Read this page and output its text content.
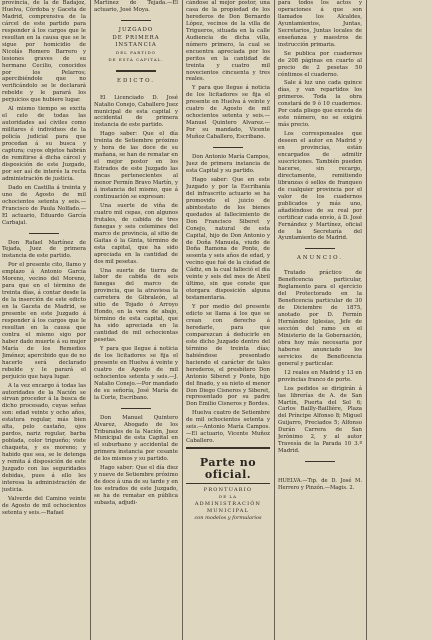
provincia, de la de Badajoz, Huelva, Córdoba y Gaceta de Madrid, comprensiva de la cárcel de este partido para responder á los cargos que le resultan en la causa que se le sigue por homicidio de Nicolás Romero Barrero y lesiones graves de su hermano Cecilio, conocidos por los Pelarros; apercibiéndole que no verificándolo se le declarará rebelde y le parará los perjuicios que hubiere lugar.

Al mismo tiempo se excita el celo de todas las autoridades así civiles como militares é individuos de la policía judicial para que procedan á su busca y captura; cuyos objetos habrán de remitirse á dicha cárcel y disposición de este Juzgado, por ser así de interés la recta administración de justicia.

Dado en Castilla á treinta y uno de Agosto de mil ochocientos setenta y seis.—Francisco de Paula Nolfado.—El actuario, Eduardo García Carbajal.

Don Rafael Martínez de Tejada, Juez de primera instancia de este partido.

Por el presente cito, llamo y emplazo á Antonio García Moreno, vecino del Moreno, para que en el término de treinta días, á contar desde la de la inserción de este edicto en la Gaceta de Madrid, se presente en este Juzgado á responder á los cargos que le resultan en la causa que contra el mismo sigo por haber dado muerte á su mujer María de los Remedios Jiménez; apercibido que de no hacerlo será declarado rebelde y le parará el perjuicio que haya lugar.

A la vez encargo á todas las autoridades de la Nación se sirvan proceder á la busca de dicho procesado, cuyas señas son: edad veinte y ocho años, estatura regular, más bien alta, pelo castaño, ojos pardos, nariz regular, barba poblada, color trigueño; viste chaqueta, y es moreno; y habido que sea, se le detenga y remita á disposición de este Juzgado con las seguridades debidas, pues á ello les interesa la administración de justicia.

Valverde del Camino veinte de Agosto de mil ochocientos setenta y seis.—Rafael

Martínez de Tejada.—El actuario, José Moya.

JUZGADO

DE PRIMERA INSTANCIA

DEL PARTIDO

DE ESTA CAPITAL.

EDICTO.

El Licenciado D. José Natalio Conejo, Caballero Juez municipal de esta capital y accidental de primera instancia de este partido.

Hago saber: Que el día treinta de Setiembre próximo y hora de las doce de su mañana, se han de rematar en el mejor postor en los Estrados de este Juzgado las fincas pertenecientes al menor Fermín Bravo Martín, y á instancia del mismo, que á continuación se expresan:

Una suerte de viña de cuatro mil cepas, con algunos frutales, de cabida de tres fanegas y seis celemines del marco de provincia, al sitio de Gaitas ó la Ginta, término de esta capital, que ha sido apreciada en la cantidad de dos mil pesetas.

Una suerte de tierra de labor de cabida de seis fanegas del marco de provincia, que la atraviesa la carretera de Gibraleón, al sitio de Tojado ó Arroyo Hondo, en la vera de abajo, término de esta capital, que ha sido apreciada en la cantidad de mil ochocientas pesetas.

Y para que llegue á noticia de los licitadores se fija el presente en Huelva á veinte y cuatro de Agosto de mil ochocientos setenta y seis.—J. Natalio Conejo.—Por mandado de su señoría, José María de la Corte, Escribano.

Don Manuel Quintero Alvarez, Abogado de los Tribunales de la Nación, Juez Municipal de esta Capital en el suburbano y accidental de primera instancia por cesante de los mismos y su partido.

Hago saber: Que el día diez y nueve de Setiembre próximo de doce á una de su tarde y en los estrados de este Juzgado, se ha de rematar en pública subasta, adjudi-

cándose al mejor postor, una casa de la propiedad de los herederos de Don Bernardo López, vecinos de la villa de Trigueros, situada en la calle Audiencia de dicha villa, número primero, la cual se encuentra apreciada por los peritos en la cantidad de treinta y cuatro mil novecientos cincuenta y tres reales.

Y para que llegue á noticia de los licitadores se fija el presente en Huelva á veinte y cuatro de Agosto de mil ochocientos setenta y seis.—Manuel Quintero Alvarez.—Por su mandado, Vicente Muñoz Caballero, Escribano.

Don Antonio María Campos, Juez de primera instancia de esta Capital y su partido.

Hago saber: Que en este Juzgado y por la Escribanía del infrascrito actuario se ha promovido el juicio de abintestato de los bienes quedados al fallecimiento de Don Francisco Siberet y Conejo, natural de esta Capital, hijo de Don Antonio y de Doña Manuela, viudo de Doña Ramona de Ponte, de sesenta y seis años de edad, y vecino que fué de la ciudad de Cádiz, en la cual falleció el día veinte y seis del mes de Abril último, sin que conste que otorgara disposición alguna testamentaria.

Y por medio del presente edicto se llama á los que se crean con derecho á heredarle, para que comparezcan á deducirle en este dicho Juzgado dentro del término de treinta días; habiéndose presentado haciendo el carácter de tales herederos, el presbítero Don Antonio Siberet y Ponte, hijo del finado, y su nieto el menor Don Diego Cisneros y Siberet, representado por su padre Don Emilio Cisneros y Bordes.

Huelva cuatro de Setiembre de mil ochocientos setenta y seis.—Antonio María Campos.—El actuario, Vicente Muñoz Caballero.

Parte no oficial.

PRONTUARIO

DE LA

ADMINISTRACIÓN MUNICIPAL

con modelos y formularios

para todos los actos y operaciones á que son llamados los Alcaldes, Ayuntamientos, Juntas, Secretarios, Juntas locales de enseñanza y maestros de instrucción primaria.

Se publica por cuadernos de 208 páginas en cuarto al precio de 2 pesetas 50 céntimos el cuaderno.

Sale á luz uno cada quince días, y van repartidos los primeros. Toda la obra constará de 9 ó 10 cuadernos. Por cada pliego que exceda de este número, no se exigirá más precio.

Los corresponsales que deseen el autor en Madrid y en provincias, están encargados de admitir suscriciones. También pueden hacerse, sin recargo, directamente, remitiendo libranzas ó sellos de franqueo de cualquier provincia por el valor de los cuadernos publicados y más uno, añadiéndose de su real por certificar cada envío, á D. José Fernández y Martínez, oficial de la Secretaría del Ayuntamiento de Madrid.

ANUNCIO.

Tratado práctico de Beneficencia particular, Reglamento para el ejercicio del Protectorado en la Beneficencia particular de 30 de Diciembre de 1875, anotado por D. Fermín Hernández Iglesias, Jefe de sección del ramo en el Ministerio de la Gobernación, obra hoy más necesaria por haberse anunciado los servicios de Beneficencia general y particular.

12 reales en Madrid y 13 en provincias franco de porte.

Los pedidos se dirigirán á las librerías de A. de San Martín, Puerta del Sol 6; Carlos Bailly-Baillière, Plaza del Príncipe Alfonso 8; Miguel Guijarro, Preciados 5; Alfonso Durán Carrera de San Jerónimo 2, y al autor Travesía de la Parada 10 3.º Madrid.

HUELVA.—Tip. de D. José M. Herrero y Pinzón.—Magis. 2.
